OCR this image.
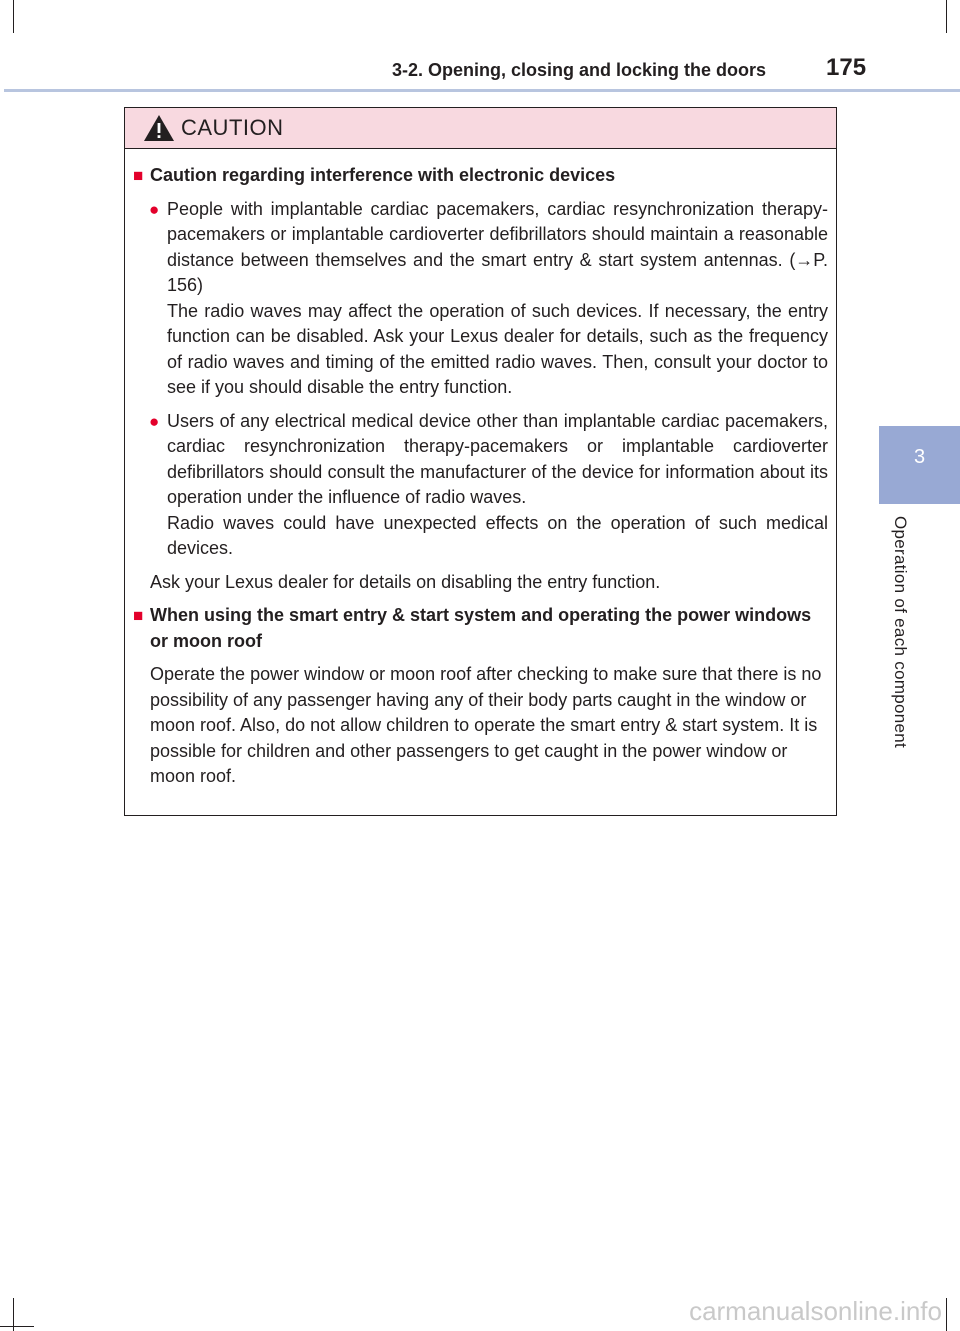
3-2. Opening, closing and locking the doors 175
3
Operation of each component
CAUTION
■ Caution regarding interference with electronic devices
● People with implantable cardiac pacemakers, cardiac resynchronization therapy-pacemakers or implantable cardioverter defibrillators should maintain a reasonable distance between themselves and the smart entry & start system antennas. (→P. 156)

The radio waves may affect the operation of such devices. If necessary, the entry function can be disabled. Ask your Lexus dealer for details, such as the frequency of radio waves and timing of the emitted radio waves. Then, consult your doctor to see if you should disable the entry function.

● Users of any electrical medical device other than implantable cardiac pacemakers, cardiac resynchronization therapy-pacemakers or implantable cardioverter defibrillators should consult the manufacturer of the device for information about its operation under the influence of radio waves.

Radio waves could have unexpected effects on the operation of such medical devices.

Ask your Lexus dealer for details on disabling the entry function.

■ When using the smart entry & start system and operating the power windows or moon roof

Operate the power window or moon roof after checking to make sure that there is no possibility of any passenger having any of their body parts caught in the window or moon roof. Also, do not allow children to operate the smart entry & start system. It is possible for children and other passengers to get caught in the power window or moon roof.

carmanualsonline.info
